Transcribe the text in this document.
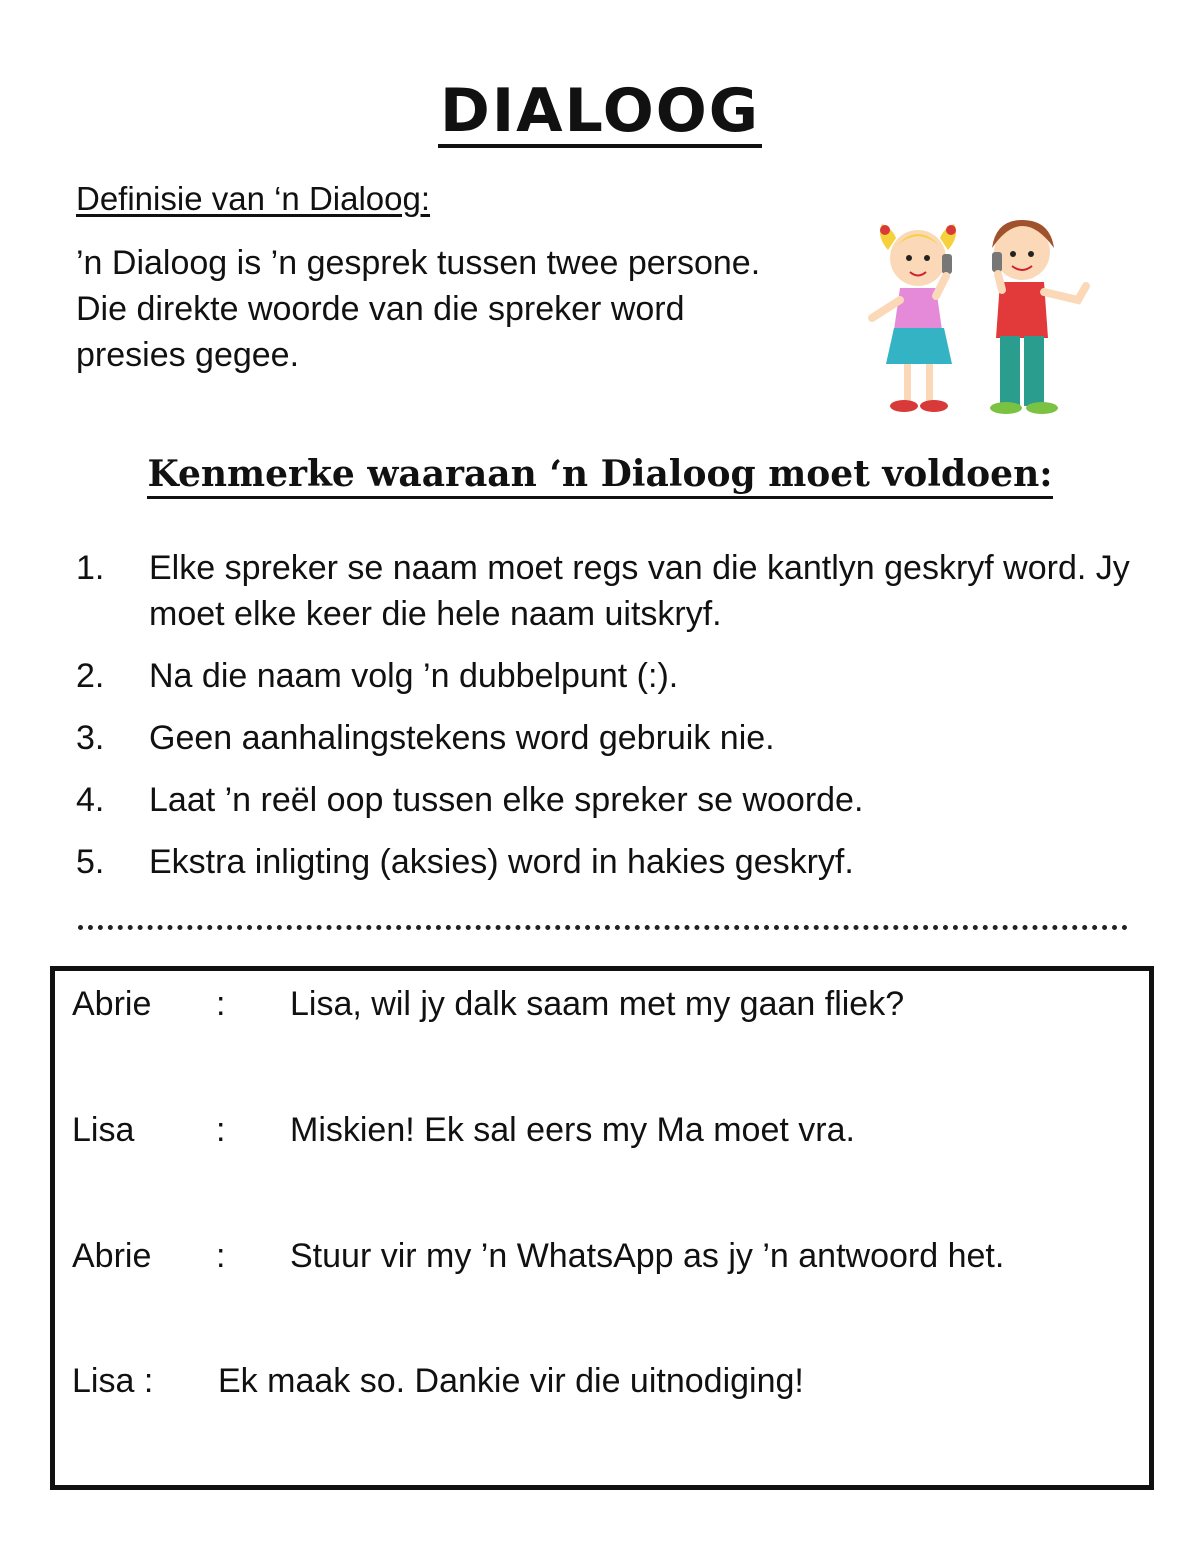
DIALOOG
Definisie van ‘n Dialoog:
’n Dialoog is ’n gesprek tussen twee persone. Die direkte woorde van die spreker word presies gegee.
Kenmerke waaraan ‘n Dialoog moet voldoen:
1.	Elke spreker se naam moet regs van die kantlyn geskryf word. Jy moet elke keer die hele naam uitskryf.
2.	Na die naam volg ’n dubbelpunt (:).
3.	Geen aanhalingstekens word gebruik nie.
4.	Laat ’n reël oop tussen elke spreker se woorde.
5.	Ekstra inligting (aksies) word in hakies geskryf.
Abrie : Lisa, wil jy dalk saam met my gaan fliek?
Lisa : Miskien! Ek sal eers my Ma moet vra.
Abrie : Stuur vir my ’n WhatsApp as jy ’n antwoord het.
Lisa : Ek maak so. Dankie vir die uitnodiging!
